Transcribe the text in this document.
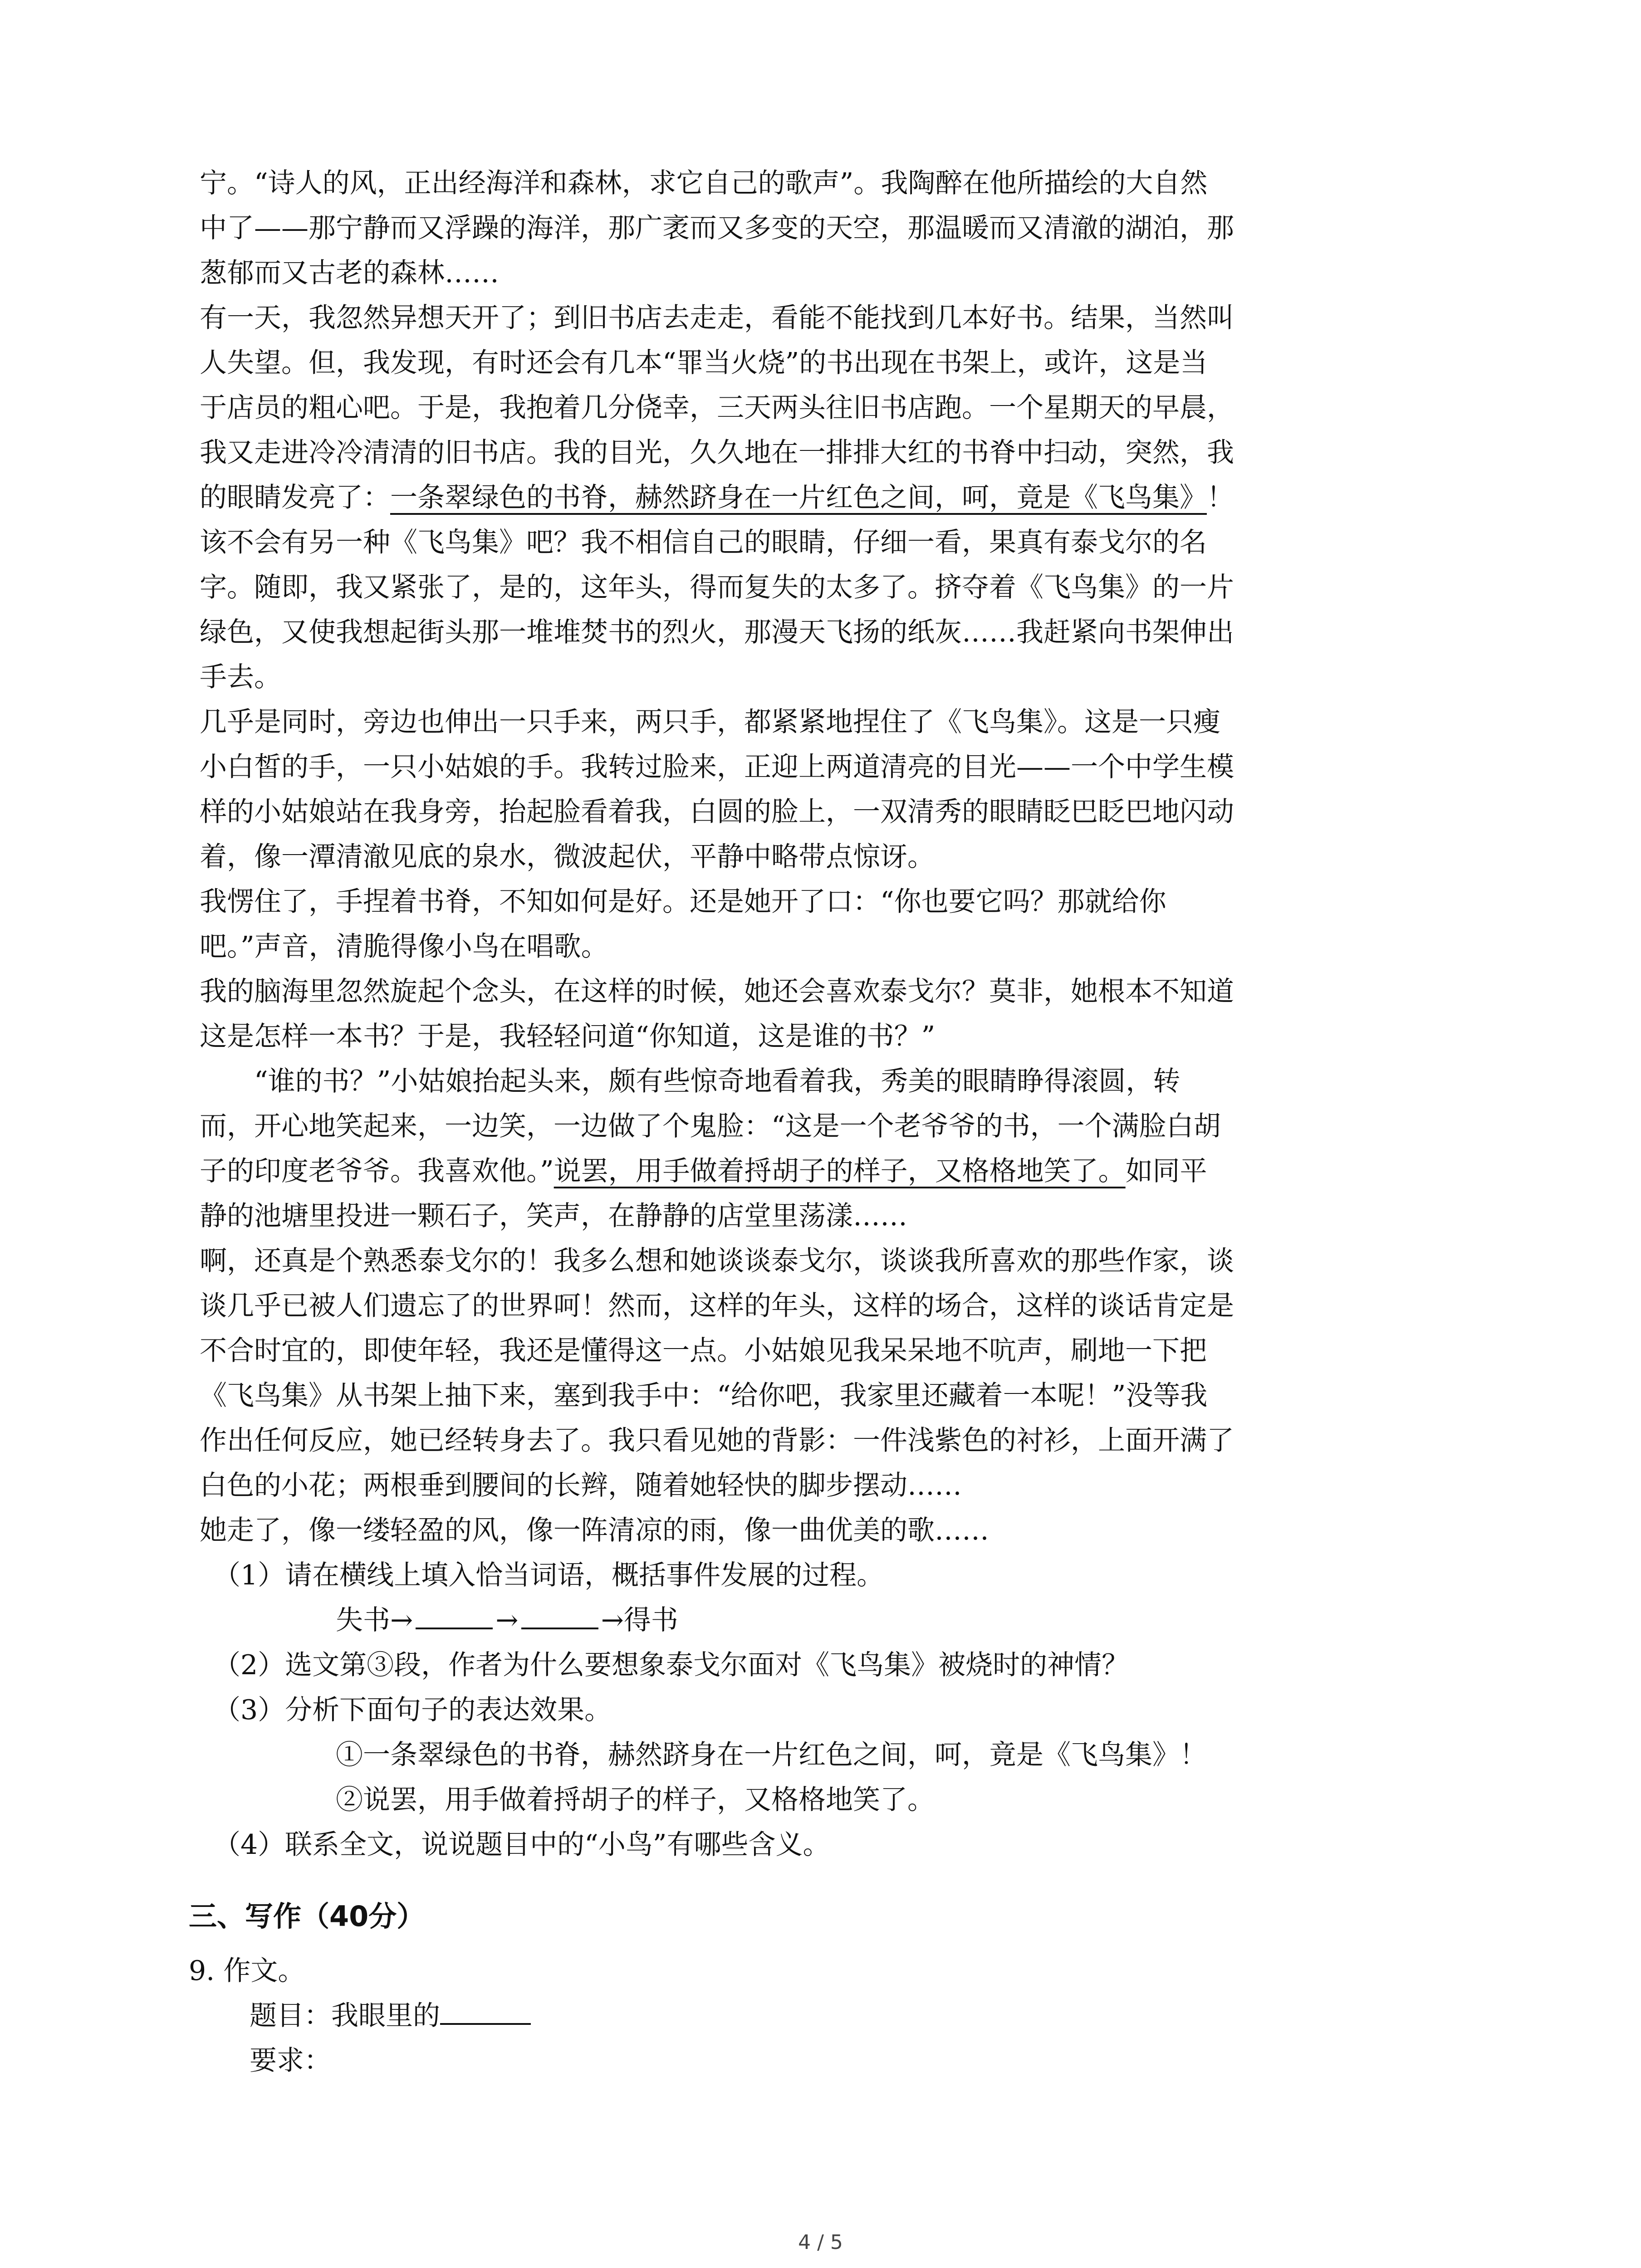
宁。“诗人的风，正出经海洋和森林，求它自己的歌声”。我陶醉在他所描绘的大自然

中了——那宁静而又浮躁的海洋，那广袤而又多变的天空，那温暖而又清澈的湖泊，那

葱郁而又古老的森林……

有一天，我忽然异想天开了；到旧书店去走走，看能不能找到几本好书。结果，当然叫

人失望。但，我发现，有时还会有几本“罪当火烧”的书出现在书架上，或许，这是当

于店员的粗心吧。于是，我抱着几分侥幸，三天两头往旧书店跑。一个星期天的早晨，

我又走进冷冷清清的旧书店。我的目光，久久地在一排排大红的书脊中扫动，突然，我

的眼睛发亮了：一条翠绿色的书脊，赫然跻身在一片红色之间，呵，竟是《飞鸟集》！

该不会有另一种《飞鸟集》吧？我不相信自己的眼睛，仔细一看，果真有泰戈尔的名

字。随即，我又紧张了，是的，这年头，得而复失的太多了。挤夺着《飞鸟集》的一片

绿色，又使我想起街头那一堆堆焚书的烈火，那漫天飞扬的纸灰……我赶紧向书架伸出

手去。

几乎是同时，旁边也伸出一只手来，两只手，都紧紧地捏住了《飞鸟集》。这是一只瘦

小白皙的手，一只小姑娘的手。我转过脸来，正迎上两道清亮的目光——一个中学生模

样的小姑娘站在我身旁，抬起脸看着我，白圆的脸上，一双清秀的眼睛眨巴眨巴地闪动

着，像一潭清澈见底的泉水，微波起伏，平静中略带点惊讶。

我愣住了，手捏着书脊，不知如何是好。还是她开了口：“你也要它吗？那就给你

吧。”声音，清脆得像小鸟在唱歌。

我的脑海里忽然旋起个念头，在这样的时候，她还会喜欢泰戈尔？莫非，她根本不知道

这是怎样一本书？于是，我轻轻问道“你知道，这是谁的书？”

“谁的书？”小姑娘抬起头来，颇有些惊奇地看着我，秀美的眼睛睁得滚圆，转

而，开心地笑起来，一边笑，一边做了个鬼脸：“这是一个老爷爷的书，一个满脸白胡

子的印度老爷爷。我喜欢他。”说罢，用手做着捋胡子的样子，又格格地笑了。如同平

静的池塘里投进一颗石子，笑声，在静静的店堂里荡漾……

啊，还真是个熟悉泰戈尔的！我多么想和她谈谈泰戈尔，谈谈我所喜欢的那些作家，谈

谈几乎已被人们遗忘了的世界呵！然而，这样的年头，这样的场合，这样的谈话肯定是

不合时宜的，即使年轻，我还是懂得这一点。小姑娘见我呆呆地不吭声，刷地一下把

《飞鸟集》从书架上抽下来，塞到我手中：“给你吧，我家里还藏着一本呢！”没等我

作出任何反应，她已经转身去了。我只看见她的背影：一件浅紫色的衬衫，上面开满了

白色的小花；两根垂到腰间的长辫，随着她轻快的脚步摆动……

她走了，像一缕轻盈的风，像一阵清凉的雨，像一曲优美的歌……

（1）请在横线上填入恰当词语，概括事件发展的过程。

失书→	→	→得书

（2）选文第③段，作者为什么要想象泰戈尔面对《飞鸟集》被烧时的神情？

（3）分析下面句子的表达效果。

①一条翠绿色的书脊，赫然跻身在一片红色之间，呵，竟是《飞鸟集》！

②说罢，用手做着捋胡子的样子，又格格地笑了。

（4）联系全文，说说题目中的“小鸟”有哪些含义。

三、写作（40分）

9. 作文。

题目：我眼里的

要求：

4 / 5
